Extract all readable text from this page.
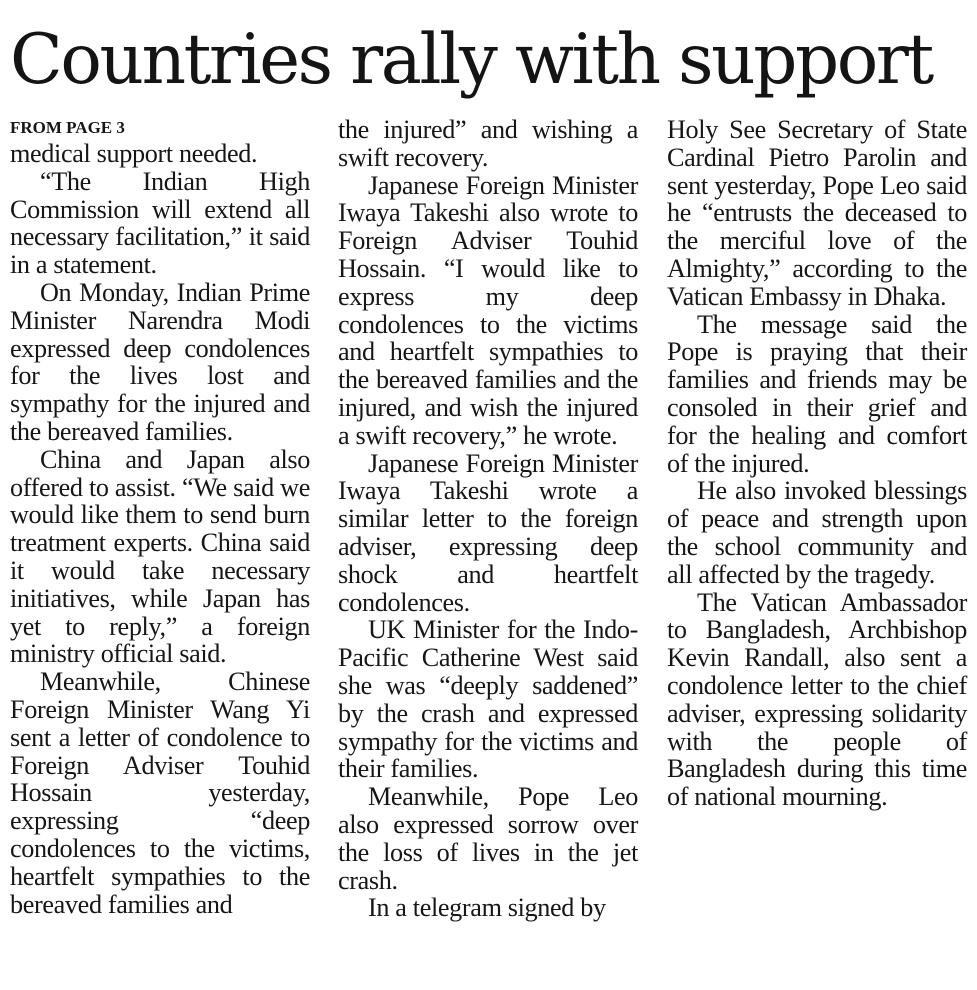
Countries rally with support
FROM PAGE 3

medical support needed.

“The Indian High Commission will extend all necessary facilitation,” it said in a statement.

On Monday, Indian Prime Minister Narendra Modi expressed deep condolences for the lives lost and sympathy for the injured and the bereaved families.

China and Japan also offered to assist. “We said we would like them to send burn treatment experts. China said it would take necessary initiatives, while Japan has yet to reply,” a foreign ministry official said.

Meanwhile, Chinese Foreign Minister Wang Yi sent a letter of condolence to Foreign Adviser Touhid Hossain yesterday, expressing “deep condolences to the victims, heartfelt sympathies to the bereaved families and

the injured” and wishing a swift recovery.

Japanese Foreign Minister Iwaya Takeshi also wrote to Foreign Adviser Touhid Hossain. “I would like to express my deep condolences to the victims and heartfelt sympathies to the bereaved families and the injured, and wish the injured a swift recovery,” he wrote.

Japanese Foreign Minister Iwaya Takeshi wrote a similar letter to the foreign adviser, expressing deep shock and heartfelt condolences.

UK Minister for the Indo-Pacific Catherine West said she was “deeply saddened” by the crash and expressed sympathy for the victims and their families.

Meanwhile, Pope Leo also expressed sorrow over the loss of lives in the jet crash.

In a telegram signed by

Holy See Secretary of State Cardinal Pietro Parolin and sent yesterday, Pope Leo said he “entrusts the deceased to the merciful love of the Almighty,” according to the Vatican Embassy in Dhaka.

The message said the Pope is praying that their families and friends may be consoled in their grief and for the healing and comfort of the injured.

He also invoked blessings of peace and strength upon the school community and all affected by the tragedy.

The Vatican Ambassador to Bangladesh, Archbishop Kevin Randall, also sent a condolence letter to the chief adviser, expressing solidarity with the people of Bangladesh during this time of national mourning.
